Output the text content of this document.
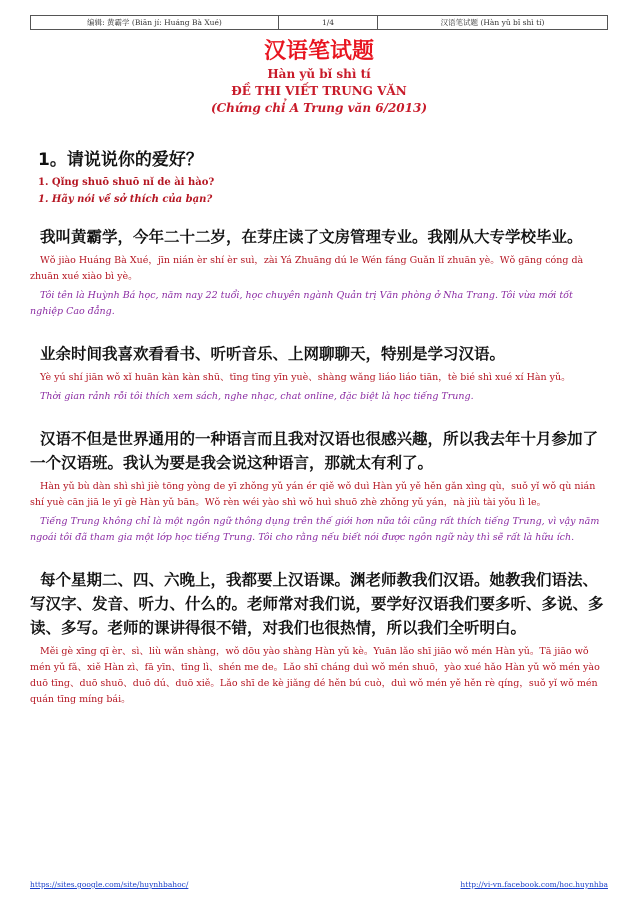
编辑: 黄霸学 (Biān jí: Huáng Bà Xué)	1/4	汉语笔试题 (Hàn yǔ bǐ shì tí)
汉语笔试题
Hàn yǔ bǐ shì tí
ĐỀ THI VIẾT TRUNG VĂN
(Chứng chỉ A Trung văn 6/2013)
1。请说说你的爱好？
1. Qǐng shuō shuō nǐ de ài hào?
1. Hãy nói về sở thích của bạn?
我叫黄霸学，今年二十二岁，在芽庄读了文房管理专业。我刚从大专学校毕业。
Wǒ jiào Huáng Bà Xué，jīn nián èr shí èr suì，zài Yá Zhuāng dú le Wén fáng Guǎn lǐ zhuān yè。Wǒ gāng cóng dà zhuān xué xiào bì yè。
Tôi tên là Huỳnh Bá học, năm nay 22 tuổi, học chuyên ngành Quản trị Văn phòng ở Nha Trang. Tôi vừa mới tốt nghiệp Cao đẳng.
业余时间我喜欢看看书、听听音乐、上网聊聊天，特别是学习汉语。
Yè yú shí jiān wǒ xǐ huān kàn kàn shū、tīng tīng yīn yuè、shàng wǎng liáo liáo tiān，tè bié shì xué xí Hàn yǔ。
Thời gian rảnh rỗi tôi thích xem sách, nghe nhạc, chat online, đặc biệt là học tiếng Trung.
汉语不但是世界通用的一种语言而且我对汉语也很感兴趣，所以我去年十月参加了一个汉语班。我认为要是我会说这种语言，那就太有利了。
Hàn yǔ bù dàn shì shì jiè tōng yòng de yī zhǒng yǔ yán ér qiě wǒ duì Hàn yǔ yě hěn gǎn xìng qù，suǒ yǐ wǒ qù nián shí yuè cān jiā le yī gè Hàn yǔ bān。Wǒ rèn wéi yào shì wǒ huì shuō zhè zhǒng yǔ yán，nà jiù tài yǒu lì le。
Tiếng Trung không chỉ là một ngôn ngữ thông dụng trên thế giới hơn nữa tôi cũng rất thích tiếng Trung, vì vậy năm ngoái tôi đã tham gia một lớp học tiếng Trung. Tôi cho rằng nếu biết nói được ngôn ngữ này thì sẽ rất là hữu ích.
每个星期二、四、六晚上，我都要上汉语课。渊老师教我们汉语。她教我们语法、写汉字、发音、听力、什么的。老师常对我们说，要学好汉语我们要多听、多说、多读、多写。老师的课讲得很不错，对我们也很热情，所以我们全听明白。
Měi gè xīng qī èr、sì、liù wǎn shàng，wǒ dōu yào shàng Hàn yǔ kè。Yuān lǎo shī jiāo wǒ mén Hàn yǔ。Tā jiāo wǒ mén yǔ fǎ、xiě Hàn zì、fā yīn、tīng lì、shén me de。Lǎo shī cháng duì wǒ mén shuō，yào xué hǎo Hàn yǔ wǒ mén yào duō tīng、duō shuō、duō dú、duō xiě。Lǎo shī de kè jiǎng dé hěn bú cuò，duì wǒ mén yě hěn rè qíng，suǒ yǐ wǒ mén quán tīng míng bái。
https://sites.google.com/site/huynhbahoc/	http://vi-vn.facebook.com/hoc.huynhba
